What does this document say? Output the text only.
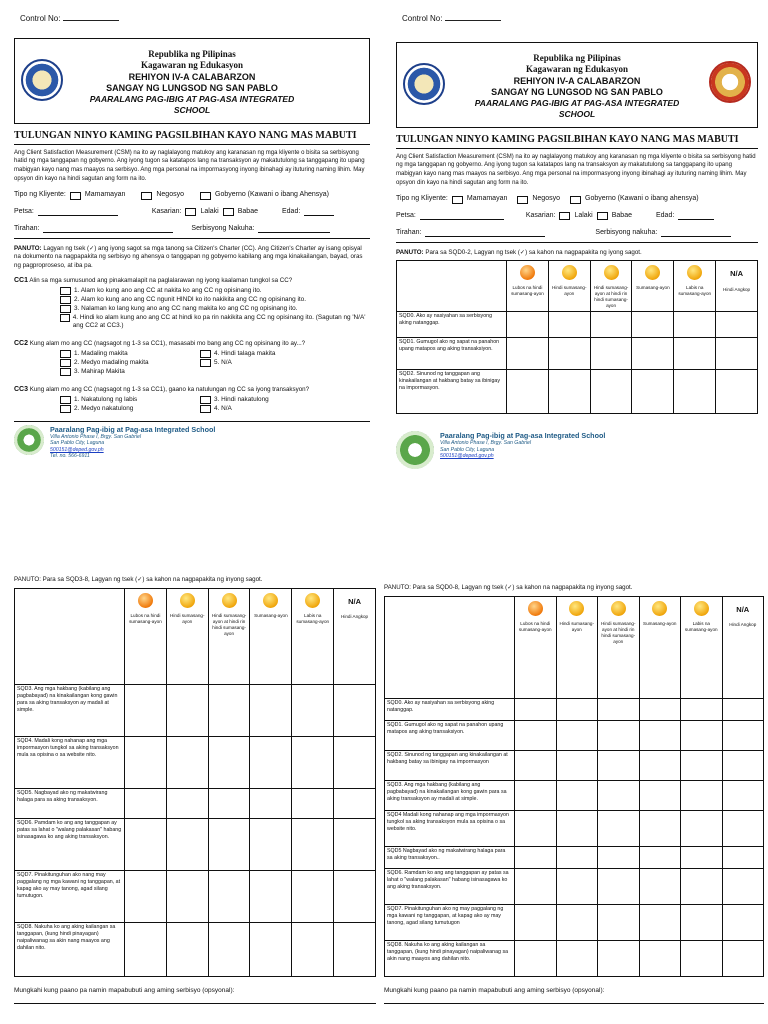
Control No:
Republika ng Pilipinas
Kagawaran ng Edukasyon
REHIYON IV-A CALABARZON
SANGAY NG LUNGSOD NG SAN PABLO
PAARALANG PAG-IBIG AT PAG-ASA INTEGRATED SCHOOL
TULUNGAN NINYO KAMING PAGSILBIHAN KAYO NANG MAS MABUTI
Ang Client Satisfaction Measurement (CSM) na ito ay naglalayong matukoy ang karanasan ng mga kliyente o bisita sa serbisyong hatid ng mga tanggapan ng gobyerno. Ang iyong tugon sa katatapos lang na transaksyon ay makatutulong sa tanggapang ito upang mabigyan kayo nang mas maayos na serbisyo. Ang mga personal na impormasyong inyong ibinahagi ay ituturing naming lihim. May opsyon din kayo na hindi sagutan ang form na ito.
Tipo ng Kliyente:	Mamamayan	Negosyo	Gobyerno (Kawani o ibang Ahensya)
Petsa:	Kasarian:	Lalaki	Babae	Edad:
Tirahan:	Serbisyong Nakuha:
PANUTO: Lagyan ng tsek (✓) ang iyong sagot sa mga tanong sa Citizen's Charter (CC). Ang Citizen's Charter ay isang opisyal na dokumento na nagpapakita ng serbisyo ng ahensya o tanggapan ng gobyerno kabilang ang mga kinakailangan, bayad, oras ng pagproproseso, at iba pa.
CC1 Alin sa mga sumusunod ang pinakamalapit na paglalarawan ng iyong kaalaman tungkol sa CC?
1. Alam ko kung ano ang CC at nakita ko ang CC ng opisinang ito.
2. Alam ko kung ano ang CC ngunit HINDI ko ito nakikita ang CC ng opisinang ito.
3. Nalaman ko lang kung ano ang CC nang makita ko ang CC ng opisinang ito.
4. Hindi ko alam kung ano ang CC at hindi ko pa rin nakikita ang CC ng opisinang ito. (Sagutan ng 'N/A' ang CC2 at CC3.)
CC2 Kung alam mo ang CC (nagsagot ng 1-3 sa CC1), masasabi mo bang ang CC ng opisinang ito ay...?
1. Madaling makita	4. Hindi talaga makita
2. Medyo madaling makita	5. N/A
3. Mahirap Makita
CC3 Kung alam mo ang CC (nagsagot ng 1-3 sa CC1), gaano ka natulungan ng CC sa iyong transaksyon?
1. Nakatulong ng labis	3. Hindi nakatulong
2. Medyo nakatulong	4. N/A
Paaralang Pag-ibig at Pag-asa Integrated School
Villa Antonio Phase I, Brgy. San Gabriel
San Pablo City, Laguna
500151@deped.gov.ph
Tel. no. 566-6911
Control No:
Republika ng Pilipinas
Kagawaran ng Edukasyon
REHIYON IV-A CALABARZON
SANGAY NG LUNGSOD NG SAN PABLO
PAARALANG PAG-IBIG AT PAG-ASA INTEGRATED SCHOOL
TULUNGAN NINYO KAMING PAGSILBIHAN KAYO NANG MAS MABUTI
Ang Client Satisfaction Measurement (CSM) na ito ay naglalayong matukoy ang karanasan ng mga kliyente o bisita sa serbisyong hatid ng mga tanggapan ng gobyerno. Ang iyong tugon sa katatapos lang na transaksyon ay makatutulong sa tanggapang ito upang mabigyan kayo nang mas maayos na serbisyo. Ang mga personal na impormasyong inyong ibinahagi ay ituturing naming lihim. May opsyon din kayo na hindi sagutan ang form na ito.
Tipo ng Kliyente:	Mamamayan	Negosyo	Gobyerno (Kawani o ibang ahensya)
Petsa:	Kasarian:	Lalaki	Babae	Edad:
Tirahan:	Serbisyong nakuha:
PANUTO: Para sa SQD0-2, Lagyan ng tsek (✓) sa kahon na nagpapakita ng iyong sagot.

	Lubos na hindi sumasang-ayon	Hindi sumasang-ayon	Hindi sumasang-ayon at hindi rin hindi sumasang-ayon	Sumasang-ayon	Labis na sumasang-ayon	N/A
Hindi Angkop

SQD0. Ako ay nasiyahan sa serbisyong aking natanggap.						
SQD1. Gumugol ako ng sapat na panahon upang matapos ang aking transaksiyon.						
SQD2. Sinunod ng tanggapan ang kinakailangan at hakbang batay sa ibinigay na impormasyon.						
Paaralang Pag-ibig at Pag-asa Integrated School
Villa Antonio Phase I, Brgy. San Gabriel
San Pablo City, Laguna
500151@deped.gov.ph
PANUTO: Para sa SQD3-8, Lagyan ng tsek (✓) sa kahon na nagpapakita ng inyong sagot.

	Lubos na hindi sumasang-ayon	Hindi sumasang-ayon	Hindi sumasang-ayon at hindi rin hindi sumasang-ayon	Sumasang-ayon	Labis na sumasang-ayon	N/A
Hindi Angkop

SQD3. Ang mga hakbang (kabilang ang pagbabayad) na kinakailangan kong gawin para sa aking transaksyon ay madali at simple.						
SQD4. Madali kong nahanap ang mga impormasyon tungkol sa aking transaksyon mula sa opisina o sa website nito.						
SQD5. Nagbayad ako ng makatwirang halaga para sa aking transaksyon.						
SQD6. Pamdam ko ang ang tanggapan ay patas sa lahat o "walang palakasan" habang isinasagawa ko ang aking transaksyon.						
SQD7. Pinakitunguhan ako nang may paggalang ng mga kawani ng tanggapan, at kapag ako ay may tanong, agad silang tumutugon.						
SQD8. Nakuha ko ang aking kailangan sa tanggapan, (kung hindi pinayagan) naipaliwanag sa akin nang maayos ang dahilan nito.						
Mungkahi kung paano pa namin mapabubuti ang aming serbisyo (opsyonal):
PANUTO: Para sa SQD0-8, Lagyan ng tsek (✓) sa kahon na nagpapakita ng inyong sagot.

	Lubos na hindi sumasang-ayon	Hindi sumasang-ayon	Hindi sumasang-ayon at hindi rin hindi sumasang-ayon	Sumasang-ayon	Labis na sumasang-ayon	N/A
Hindi Angkop

SQD0. Ako ay nasiyahan sa serbisyong aking natanggap.						
SQD1. Gumugol ako ng sapat na panahon upang matapos ang aking transaksiyon.						
SQD2. Sinunod ng tanggapan ang kinakailangan at hakbang batay sa ibinigay na impormasyon						
SQD3. Ang mga hakbang (kabilang ang pagbabayad) na kinakailangan kong gawin para sa aking transaksyon ay madali at simple.						
SQD4 Madali kong nahanap ang mga impormasyon tungkol sa aking transaksyon mula sa opisina o sa website nito.						
SQD5 Nagbayad ako ng makatwirang halaga para sa aking transaksyon..						
SQD6. Ramdam ko ang ang tanggapan ay patas sa lahat o "walang palakasan" habang isinasagawa ko ang aking transaksyon.						
SQD7. Pinakitunguhan ako ng may paggalang ng mga kawani ng tanggapan, at kapag ako ay may tanong, agad silang tumutugon						
SQD8. Nakuha ko ang aking kailangan sa tanggapan, (kung hindi pinayagan) naipaliwanag sa akin nang maayos ang dahilan nito.						
Mungkahi kung paano pa namin mapabubuti ang aming serbisyo (opsyonal):
